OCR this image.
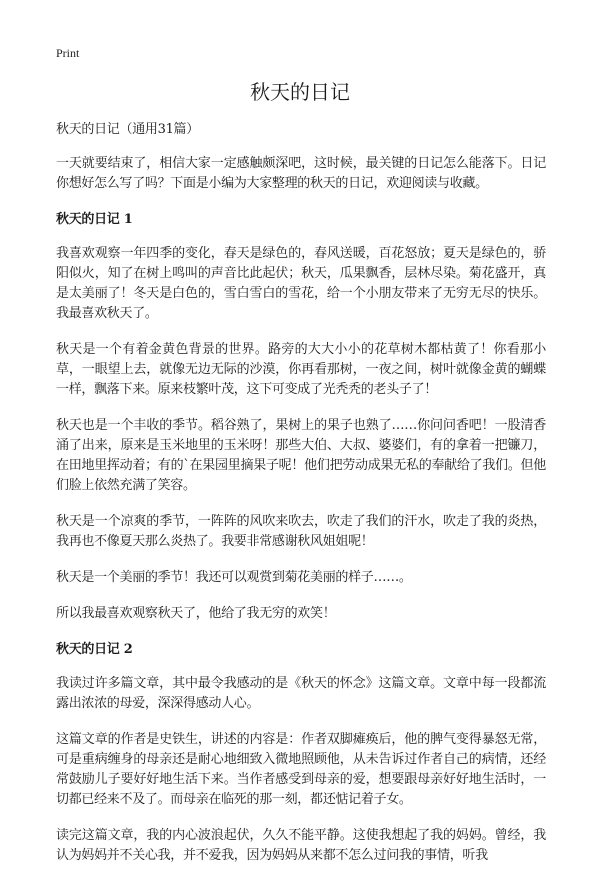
Print
秋天的日记

秋天的日记（通用31篇）

一天就要结束了，相信大家一定感触颇深吧，这时候，最关键的日记怎么能落下。日记你想好怎么写了吗？下面是小编为大家整理的秋天的日记，欢迎阅读与收藏。

秋天的日记 1

我喜欢观察一年四季的变化，春天是绿色的，春风送暖，百花怒放；夏天是绿色的，骄阳似火，知了在树上鸣叫的声音比此起伏；秋天，瓜果飘香，层林尽染。菊花盛开，真是太美丽了！冬天是白色的，雪白雪白的雪花，给一个小朋友带来了无穷无尽的快乐。我最喜欢秋天了。

秋天是一个有着金黄色背景的世界。路旁的大大小小的花草树木都枯黄了！你看那小草，一眼望上去，就像无边无际的沙漠，你再看那树，一夜之间，树叶就像金黄的蝴蝶一样，飘落下来。原来枝繁叶茂，这下可变成了光秃秃的老头子了！

秋天也是一个丰收的季节。稻谷熟了，果树上的果子也熟了……你问问香吧！一股清香涌了出来，原来是玉米地里的玉米呀！那些大伯、大叔、婆婆们，有的拿着一把镰刀，在田地里挥动着；有的`在果园里摘果子呢！他们把劳动成果无私的奉献给了我们。但他们脸上依然充满了笑容。

秋天是一个凉爽的季节，一阵阵的风吹来吹去，吹走了我们的汗水，吹走了我的炎热，我再也不像夏天那么炎热了。我要非常感谢秋风姐姐呢！

秋天是一个美丽的季节！我还可以观赏到菊花美丽的样子……。

所以我最喜欢观察秋天了，他给了我无穷的欢笑！

秋天的日记 2

我读过许多篇文章，其中最令我感动的是《秋天的怀念》这篇文章。文章中每一段都流露出浓浓的母爱，深深得感动人心。

这篇文章的作者是史铁生，讲述的内容是：作者双脚瘫痪后，他的脾气变得暴怒无常，可是重病缠身的母亲还是耐心地细致入微地照顾他，从未告诉过作者自己的病情，还经常鼓励儿子要好好地生活下来。当作者感受到母亲的爱，想要跟母亲好好地生活时，一切都已经来不及了。而母亲在临死的那一刻，都还惦记着子女。

读完这篇文章，我的内心波浪起伏，久久不能平静。这使我想起了我的妈妈。曾经，我认为妈妈并不关心我，并不爱我，因为妈妈从来都不怎么过问我的事情，听我
